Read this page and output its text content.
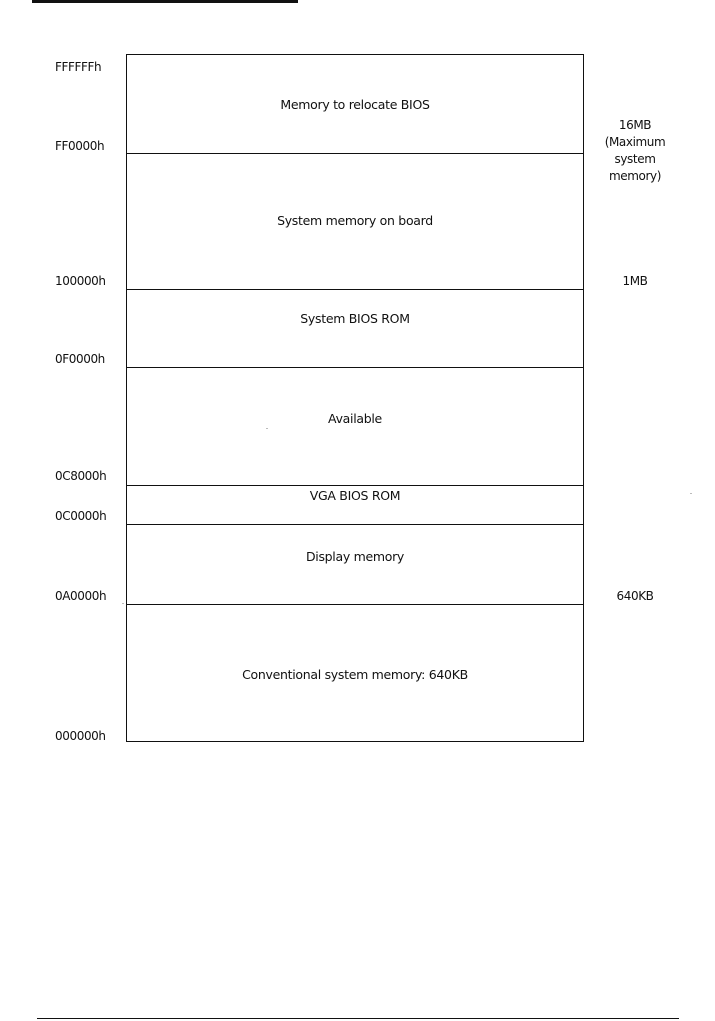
FFFFFFh
FF0000h
100000h
0F0000h
0C8000h
0C0000h
0A0000h
000000h
Memory to relocate BIOS
System memory on board
System BIOS ROM
Available
VGA BIOS ROM
Display memory
Conventional system memory: 640KB
16MB
(Maximum
system
memory)
1MB
640KB
